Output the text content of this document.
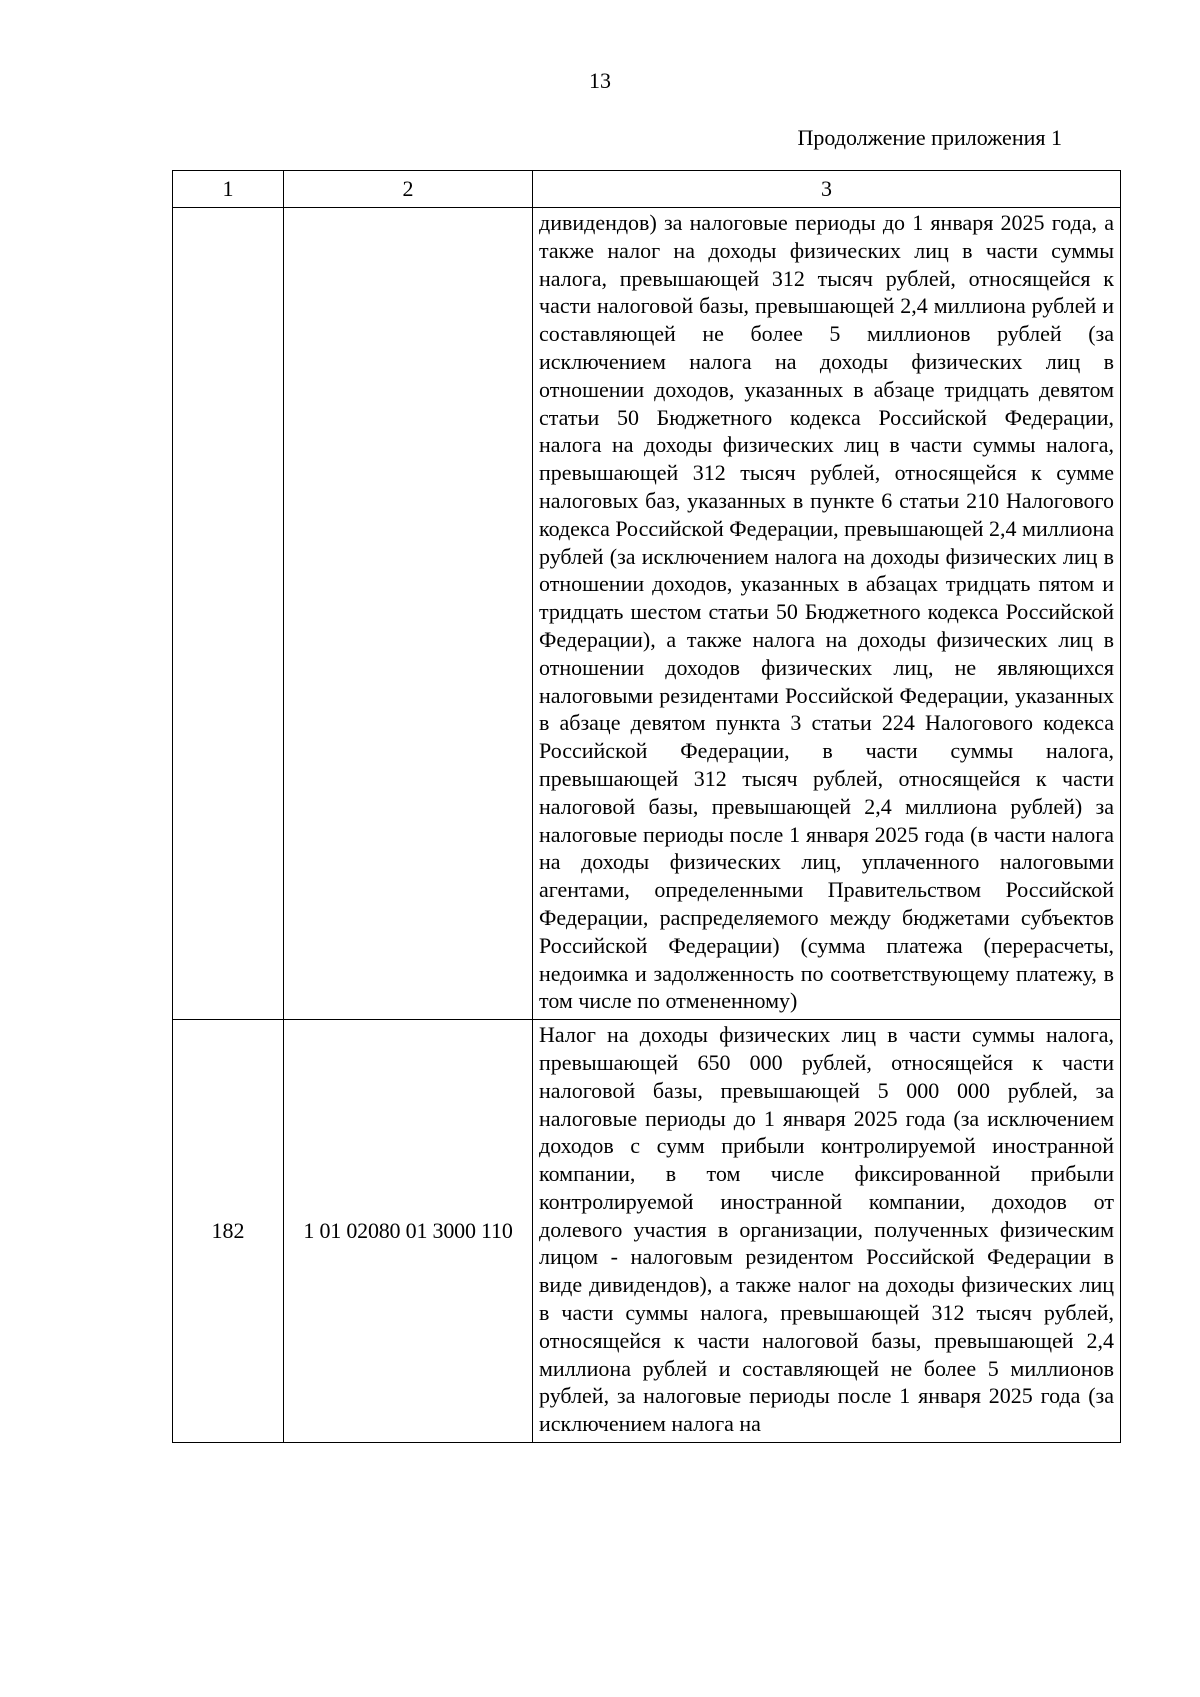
13
Продолжение приложения 1
1	2	3
		дивидендов) за налоговые периоды до 1 января 2025 года, а также налог на доходы физических лиц в части суммы налога, превышающей 312 тысяч рублей, относящейся к части налоговой базы, превышающей 2,4 миллиона рублей и составляющей не более 5 миллионов рублей (за исключением налога на доходы физических лиц в отношении доходов, указанных в абзаце тридцать девятом статьи 50 Бюджетного кодекса Российской Федерации, налога на доходы физических лиц в части суммы налога, превышающей 312 тысяч рублей, относящейся к сумме налоговых баз, указанных в пункте 6 статьи 210 Налогового кодекса Российской Федерации, превышающей 2,4 миллиона рублей (за исключением налога на доходы физических лиц в отношении доходов, указанных в абзацах тридцать пятом и тридцать шестом статьи 50 Бюджетного кодекса Российской Федерации), а также налога на доходы физических лиц в отношении доходов физических лиц, не являющихся налоговыми резидентами Российской Федерации, указанных в абзаце девятом пункта 3 статьи 224 Налогового кодекса Российской Федерации, в части суммы налога, превышающей 312 тысяч рублей, относящейся к части налоговой базы, превышающей 2,4 миллиона рублей) за налоговые периоды после 1 января 2025 года (в части налога на доходы физических лиц, уплаченного налоговыми агентами, определенными Правительством Российской Федерации, распределяемого между бюджетами субъектов Российской Федерации) (сумма платежа (перерасчеты, недоимка и задолженность по соответствующему платежу, в том числе по отмененному)
182	1 01 02080 01 3000 110	Налог на доходы физических лиц в части суммы налога, превышающей 650 000 рублей, относящейся к части налоговой базы, превышающей 5 000 000 рублей, за налоговые периоды до 1 января 2025 года (за исключением доходов с сумм прибыли контролируемой иностранной компании, в том числе фиксированной прибыли контролируемой иностранной компании, доходов от долевого участия в организации, полученных физическим лицом - налоговым резидентом Российской Федерации в виде дивидендов), а также налог на доходы физических лиц в части суммы налога, превышающей 312 тысяч рублей, относящейся к части налоговой базы, превышающей 2,4 миллиона рублей и составляющей не более 5 миллионов рублей, за налоговые периоды после 1 января 2025 года (за исключением налога на
